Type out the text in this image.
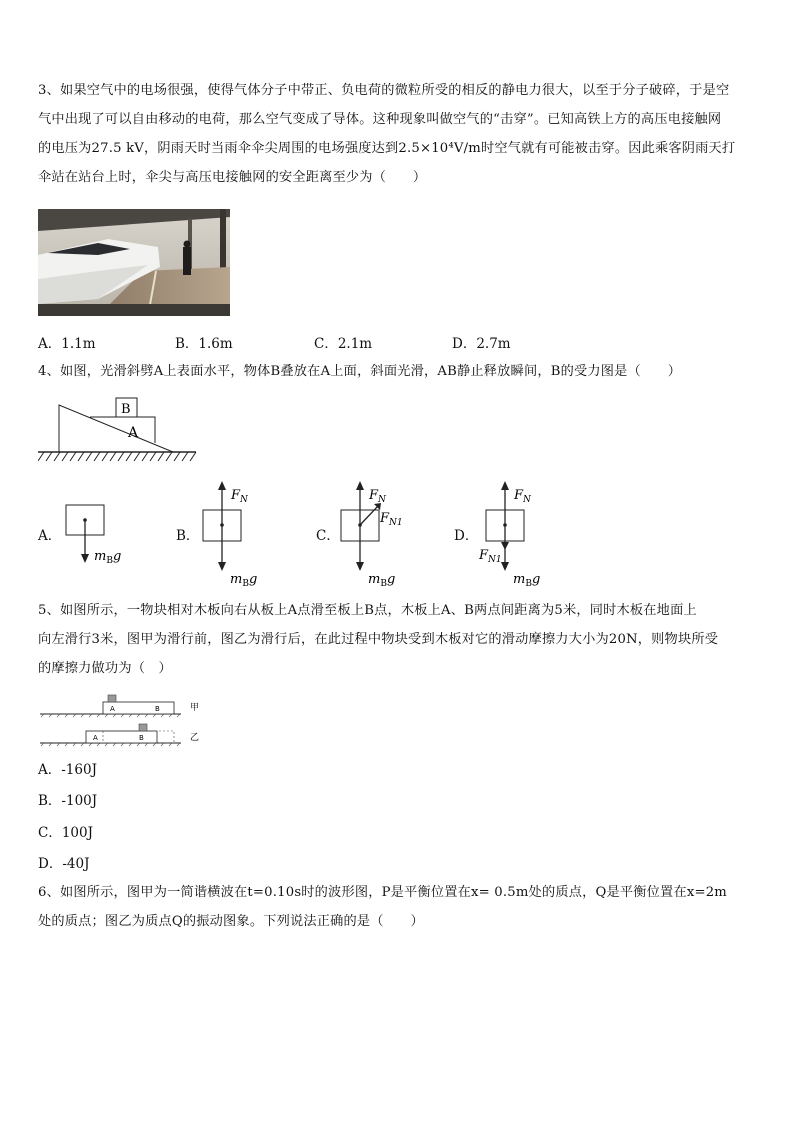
3、如果空气中的电场很强，使得气体分子中带正、负电荷的微粒所受的相反的静电力很大，以至于分子破碎，于是空
气中出现了可以自由移动的电荷，那么空气变成了导体。这种现象叫做空气的“击穿”。已知高铁上方的高压电接触网
的电压为27.5 kV，阴雨天时当雨伞伞尖周围的电场强度达到2.5×10⁴V/m时空气就有可能被击穿。因此乘客阴雨天打
伞站在站台上时，伞尖与高压电接触网的安全距离至少为（　　）
A．1.1m	B．1.6m	C．2.1m	D．2.7m
4、如图，光滑斜劈A上表面水平，物体B叠放在A上面，斜面光滑，AB静止释放瞬间，B的受力图是（　　）
B
A
A．
$m_Bg$
B．
$F_N$
$m_Bg$
C．
$F_N$
$F_{N1}$
$m_Bg$
D．
$F_N$
$F_{N1}$
$m_Bg$
5、如图所示，一物块相对木板向右从板上A点滑至板上B点，木板上A、B两点间距离为5米，同时木板在地面上
向左滑行3米，图甲为滑行前，图乙为滑行后，在此过程中物块受到木板对它的滑动摩擦力大小为20N，则物块所受
的摩擦力做功为（　）
A	B	甲
A	B	乙
A．-160J
B．-100J
C．100J
D．-40J
6、如图所示，图甲为一简谐横波在t=0.10s时的波形图，P是平衡位置在x= 0.5m处的质点，Q是平衡位置在x=2m
处的质点；图乙为质点Q的振动图象。下列说法正确的是（　　）
